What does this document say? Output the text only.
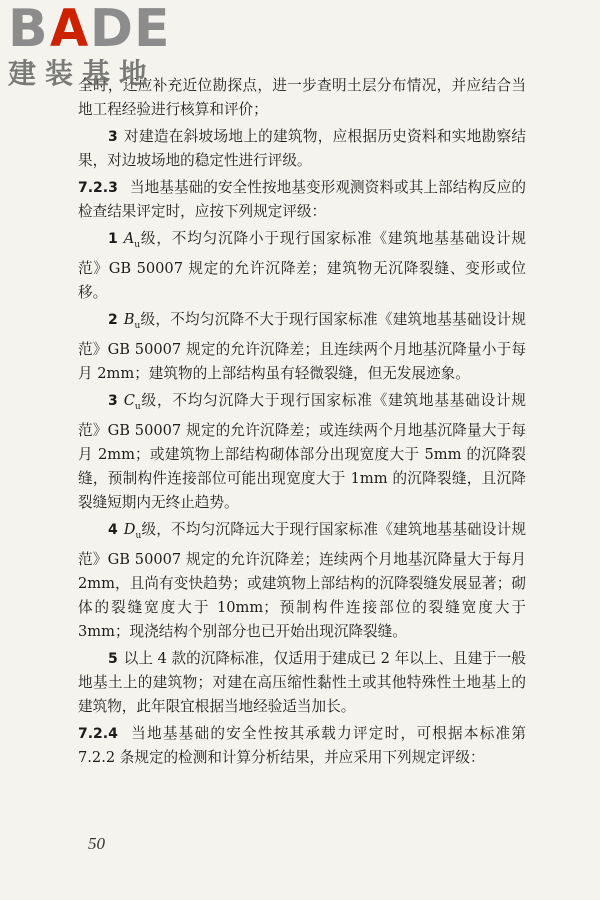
B A DE
建装基地

全时，还应补充近位勘探点，进一步查明土层分布情况，并应结合当地工程经验进行核算和评价；

3 对建造在斜坡场地上的建筑物，应根据历史资料和实地勘察结果，对边坡场地的稳定性进行评级。

7.2.3 当地基基础的安全性按地基变形观测资料或其上部结构反应的检查结果评定时，应按下列规定评级：

1 $A_u$级，不均匀沉降小于现行国家标准《建筑地基基础设计规范》GB 50007 规定的允许沉降差；建筑物无沉降裂缝、变形或位移。

2 $B_u$级，不均匀沉降不大于现行国家标准《建筑地基基础设计规范》GB 50007 规定的允许沉降差；且连续两个月地基沉降量小于每月 2mm；建筑物的上部结构虽有轻微裂缝，但无发展迹象。

3 $C_u$级，不均匀沉降大于现行国家标准《建筑地基基础设计规范》GB 50007 规定的允许沉降差；或连续两个月地基沉降量大于每月 2mm；或建筑物上部结构砌体部分出现宽度大于 5mm 的沉降裂缝，预制构件连接部位可能出现宽度大于 1mm 的沉降裂缝，且沉降裂缝短期内无终止趋势。

4 $D_u$级，不均匀沉降远大于现行国家标准《建筑地基基础设计规范》GB 50007 规定的允许沉降差；连续两个月地基沉降量大于每月 2mm，且尚有变快趋势；或建筑物上部结构的沉降裂缝发展显著；砌体的裂缝宽度大于 10mm；预制构件连接部位的裂缝宽度大于 3mm；现浇结构个别部分也已开始出现沉降裂缝。

5 以上 4 款的沉降标准，仅适用于建成已 2 年以上、且建于一般地基土上的建筑物；对建在高压缩性黏性土或其他特殊性土地基上的建筑物，此年限宜根据当地经验适当加长。

7.2.4 当地基基础的安全性按其承载力评定时，可根据本标准第 7.2.2 条规定的检测和计算分析结果，并应采用下列规定评级：

50
